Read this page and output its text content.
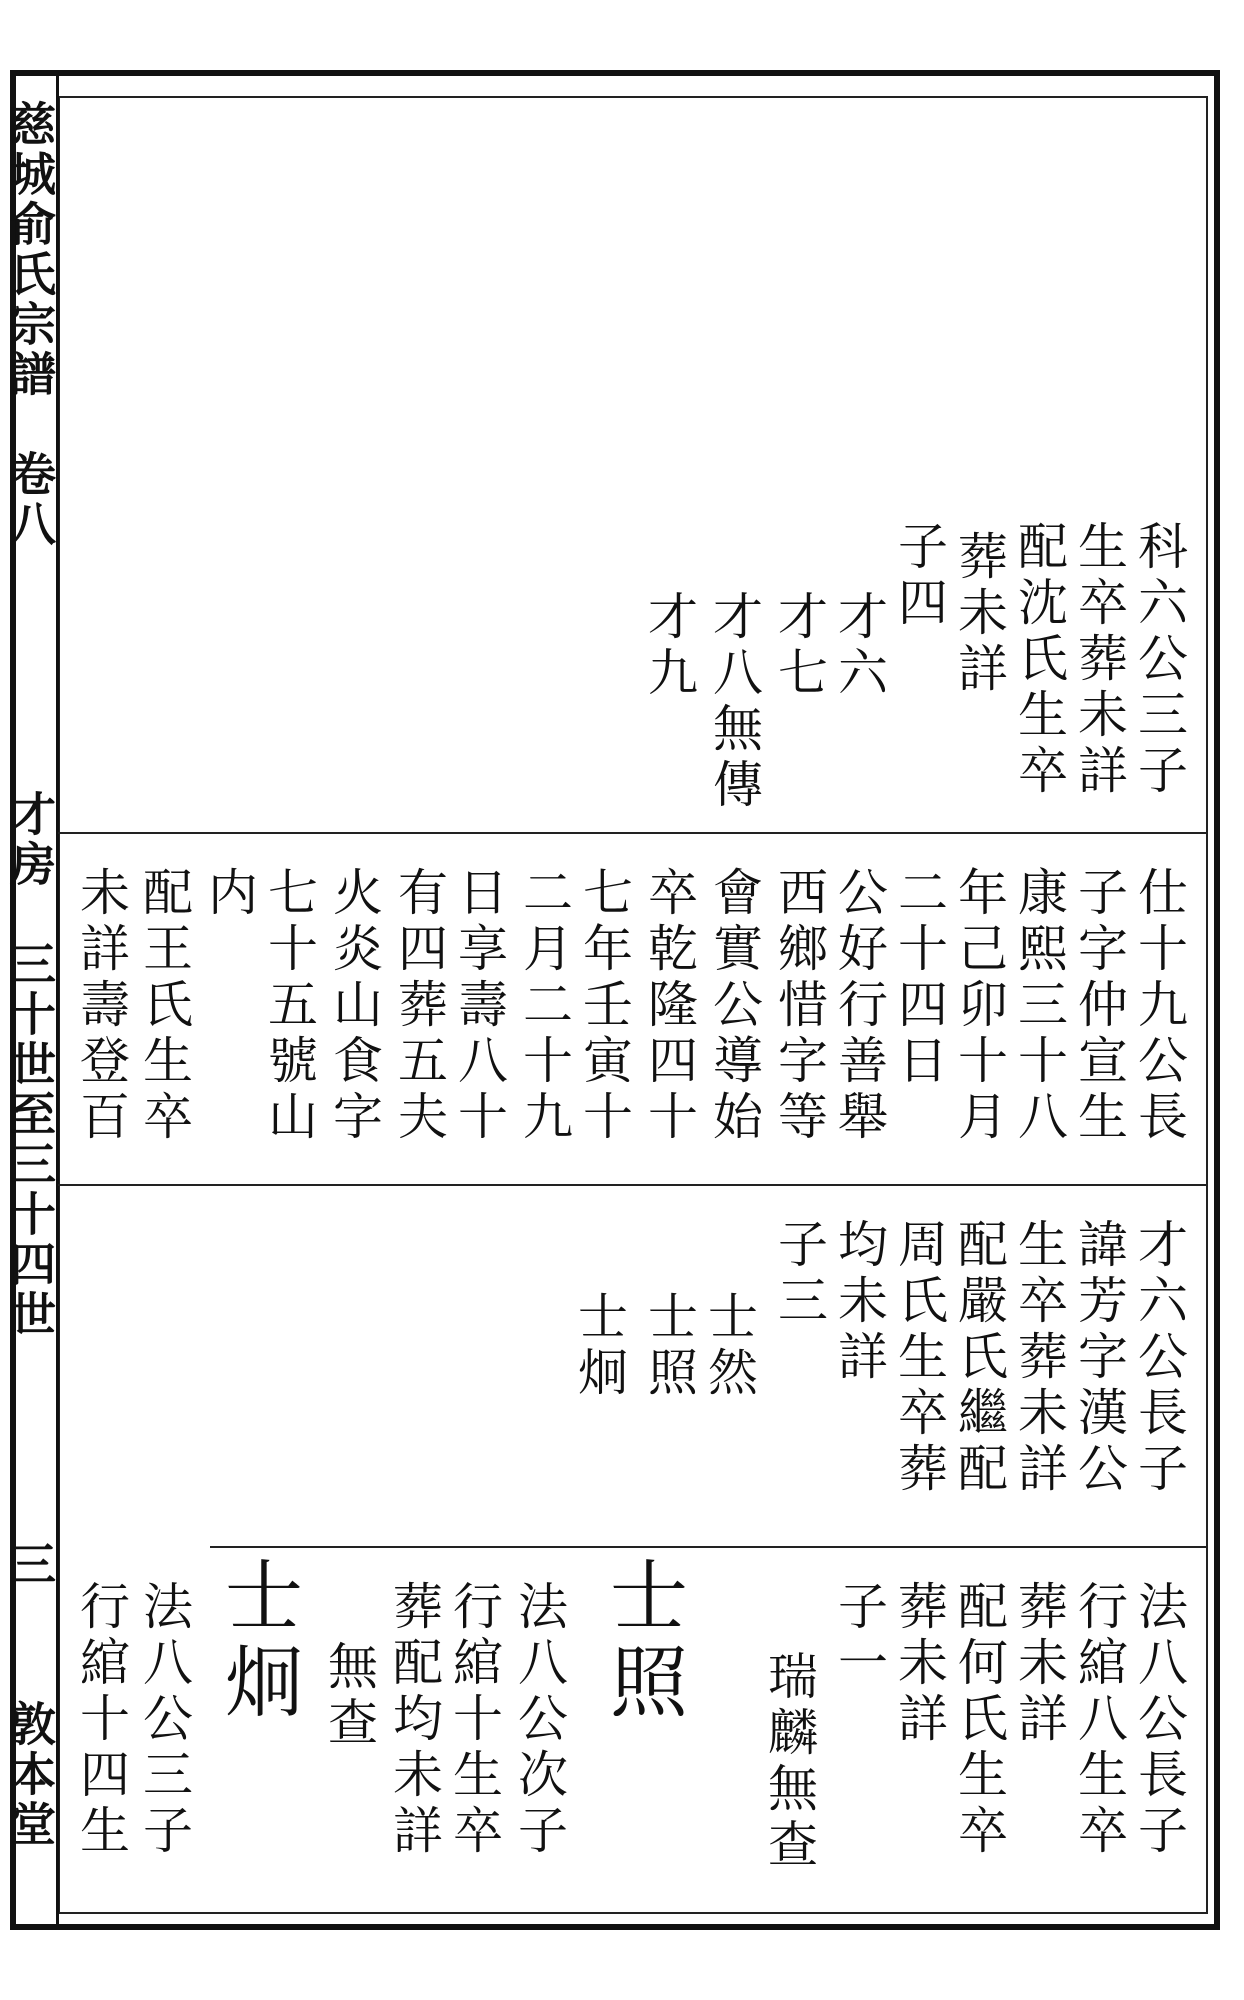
慈城俞氏宗譜
卷八
才房
三十世至三十四世
三
敦本堂
科六公三子
生卒葬未詳
配沈氏生卒
葬未詳
子四
才六
才七
才八無傳
才九
仕十九公長
子字仲宣生
康熙三十八
年己卯十月
二十四日
公好行善舉
西鄉惜字等
會實公導始
卒乾隆四十
七年壬寅十
二月二十九
日享壽八十
有四葬五夫
火炎山食字
七十五號山
内
配王氏生卒
未詳壽登百
才六公長子
諱芳字漢公
生卒葬未詳
配嚴氏繼配
周氏生卒葬
均未詳
子三
士然
士照
士炯
法八公長子
行綰八生卒
葬未詳
配何氏生卒
葬未詳
子一
瑞麟無查
士照
法八公次子
行綰十生卒
葬配均未詳
無查
士炯
法八公三子
行綰十四生
